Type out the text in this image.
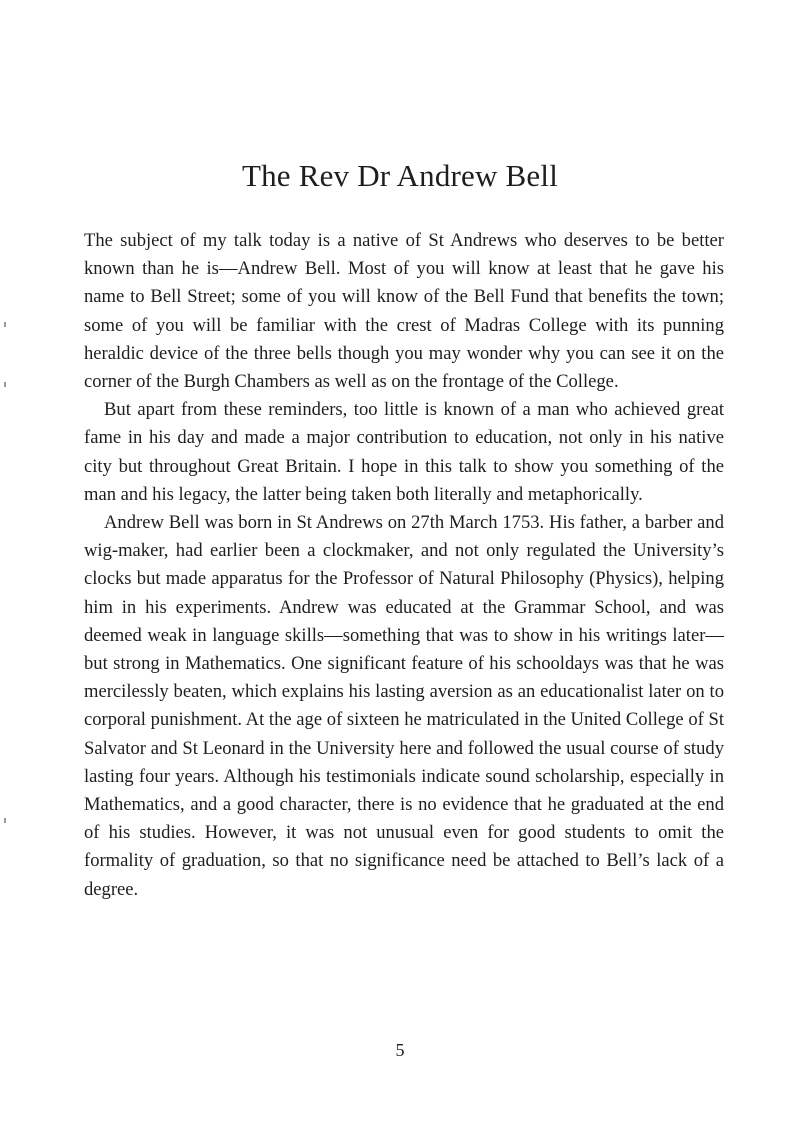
The Rev Dr Andrew Bell

The subject of my talk today is a native of St Andrews who deserves to be better known than he is—Andrew Bell. Most of you will know at least that he gave his name to Bell Street; some of you will know of the Bell Fund that benefits the town; some of you will be familiar with the crest of Madras College with its punning heraldic device of the three bells though you may wonder why you can see it on the corner of the Burgh Chambers as well as on the frontage of the College.

But apart from these reminders, too little is known of a man who achieved great fame in his day and made a major contribution to education, not only in his native city but throughout Great Britain. I hope in this talk to show you something of the man and his legacy, the latter being taken both literally and metaphorically.

Andrew Bell was born in St Andrews on 27th March 1753. His father, a barber and wig-maker, had earlier been a clockmaker, and not only regulated the University’s clocks but made apparatus for the Professor of Natural Philosophy (Physics), helping him in his experiments. Andrew was educated at the Grammar School, and was deemed weak in language skills—something that was to show in his writings later—but strong in Mathematics. One significant feature of his schooldays was that he was mercilessly beaten, which explains his lasting aversion as an educationalist later on to corporal punishment. At the age of sixteen he matriculated in the United College of St Salvator and St Leonard in the University here and followed the usual course of study lasting four years. Although his testimonials indicate sound scholarship, especially in Mathematics, and a good character, there is no evidence that he graduated at the end of his studies. However, it was not unusual even for good students to omit the formality of graduation, so that no significance need be attached to Bell’s lack of a degree.

5
